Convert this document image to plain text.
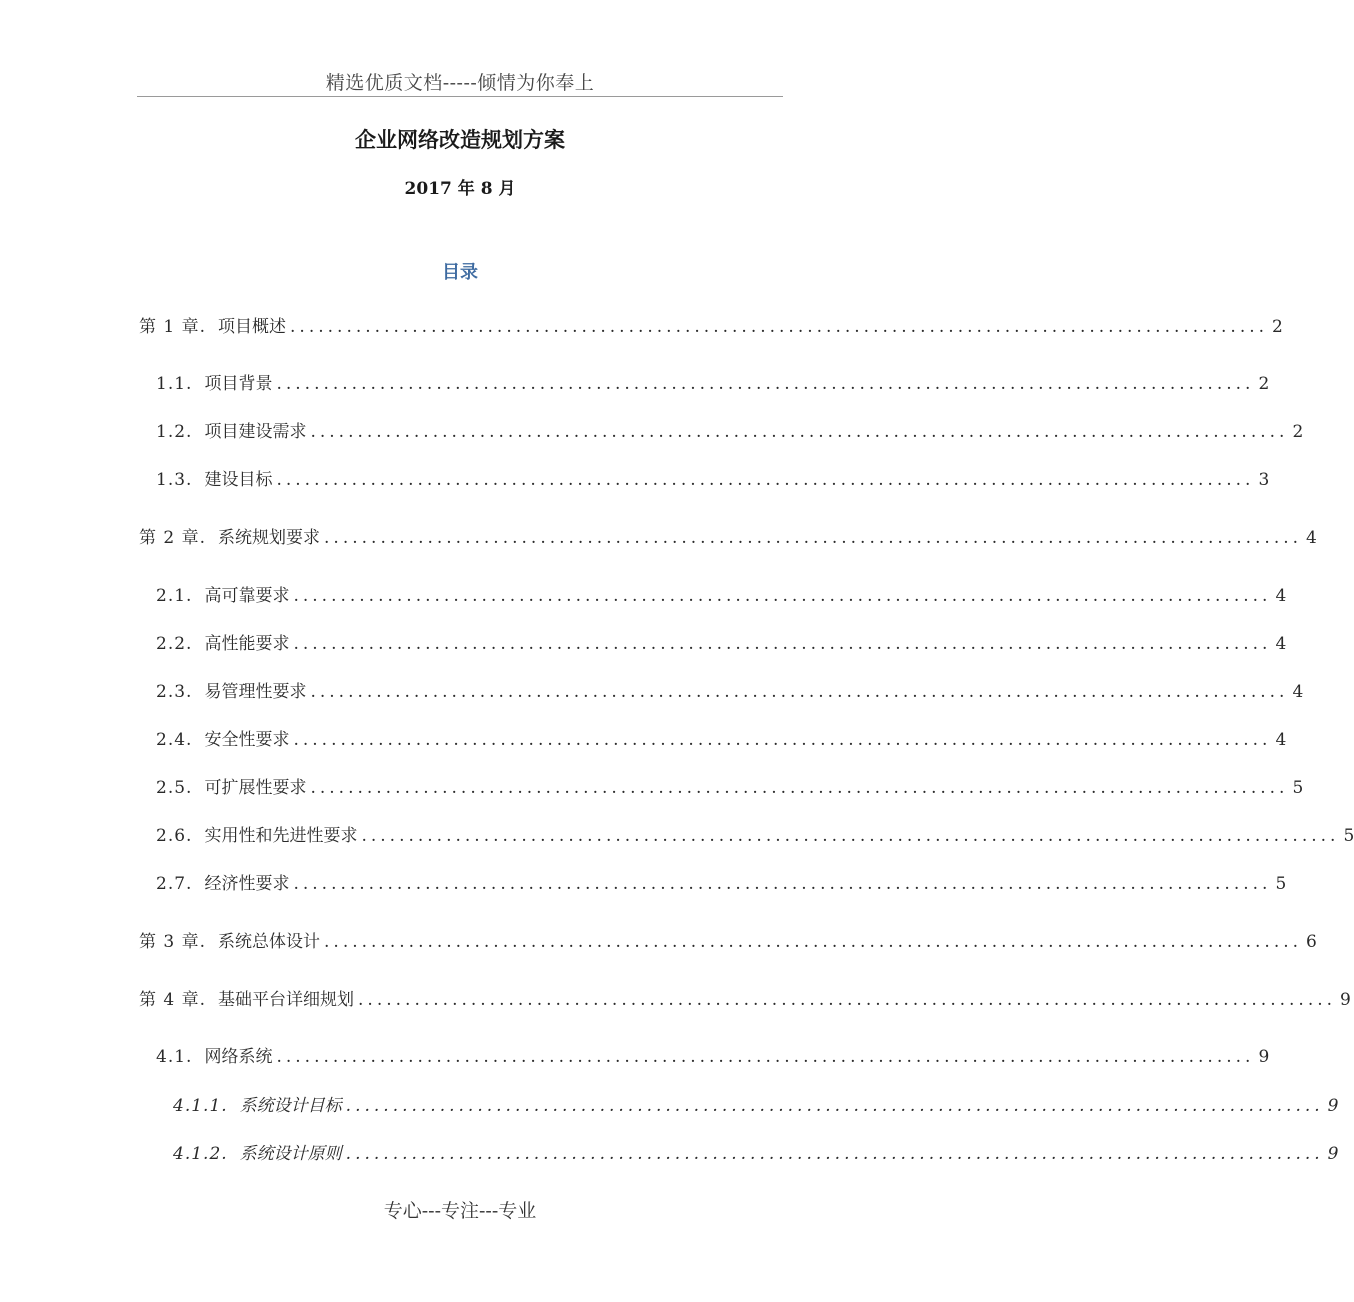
精选优质文档-----倾情为你奉上
企业网络改造规划方案
2017 年 8 月
目录
第 1 章. 项目概述 ........................................................................................................ 2
1.1. 项目背景 ........................................................................................................ 2
1.2. 项目建设需求 ........................................................................................................ 2
1.3. 建设目标 ........................................................................................................ 3
第 2 章. 系统规划要求 ........................................................................................................ 4
2.1. 高可靠要求 ........................................................................................................ 4
2.2. 高性能要求 ........................................................................................................ 4
2.3. 易管理性要求 ........................................................................................................ 4
2.4. 安全性要求 ........................................................................................................ 4
2.5. 可扩展性要求 ........................................................................................................ 5
2.6. 实用性和先进性要求 ........................................................................................................ 5
2.7. 经济性要求 ........................................................................................................ 5
第 3 章. 系统总体设计 ........................................................................................................ 6
第 4 章. 基础平台详细规划 ........................................................................................................ 9
4.1. 网络系统 ........................................................................................................ 9
4.1.1. 系统设计目标 ........................................................................................................ 9
4.1.2. 系统设计原则 ........................................................................................................ 9
专心---专注---专业
